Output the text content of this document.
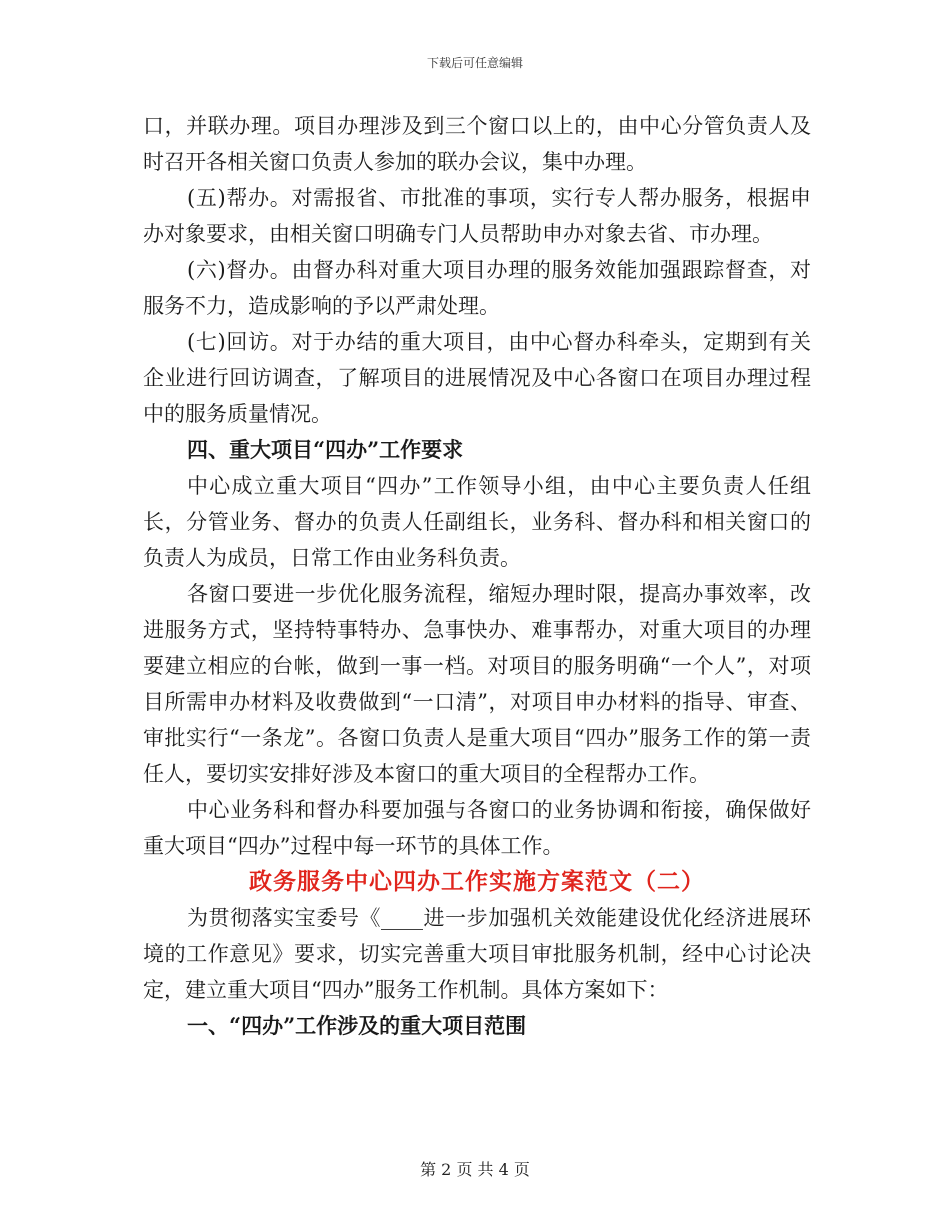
下载后可任意编辑

口，并联办理。项目办理涉及到三个窗口以上的，由中心分管负责人及时召开各相关窗口负责人参加的联办会议，集中办理。

(五)帮办。对需报省、市批准的事项，实行专人帮办服务，根据申办对象要求，由相关窗口明确专门人员帮助申办对象去省、市办理。

(六)督办。由督办科对重大项目办理的服务效能加强跟踪督查，对服务不力，造成影响的予以严肃处理。

(七)回访。对于办结的重大项目，由中心督办科牵头，定期到有关企业进行回访调查，了解项目的进展情况及中心各窗口在项目办理过程中的服务质量情况。

四、重大项目“四办”工作要求

中心成立重大项目“四办”工作领导小组，由中心主要负责人任组长，分管业务、督办的负责人任副组长，业务科、督办科和相关窗口的负责人为成员，日常工作由业务科负责。

各窗口要进一步优化服务流程，缩短办理时限，提高办事效率，改进服务方式，坚持特事特办、急事快办、难事帮办，对重大项目的办理要建立相应的台帐，做到一事一档。对项目的服务明确“一个人”，对项目所需申办材料及收费做到“一口清”，对项目申办材料的指导、审查、审批实行“一条龙”。各窗口负责人是重大项目“四办”服务工作的第一责任人，要切实安排好涉及本窗口的重大项目的全程帮办工作。

中心业务科和督办科要加强与各窗口的业务协调和衔接，确保做好重大项目“四办”过程中每一环节的具体工作。

政务服务中心四办工作实施方案范文（二）

为贯彻落实宝委号《____进一步加强机关效能建设优化经济进展环境的工作意见》要求，切实完善重大项目审批服务机制，经中心讨论决定，建立重大项目“四办”服务工作机制。具体方案如下：

一、“四办”工作涉及的重大项目范围

第 2 页 共 4 页
